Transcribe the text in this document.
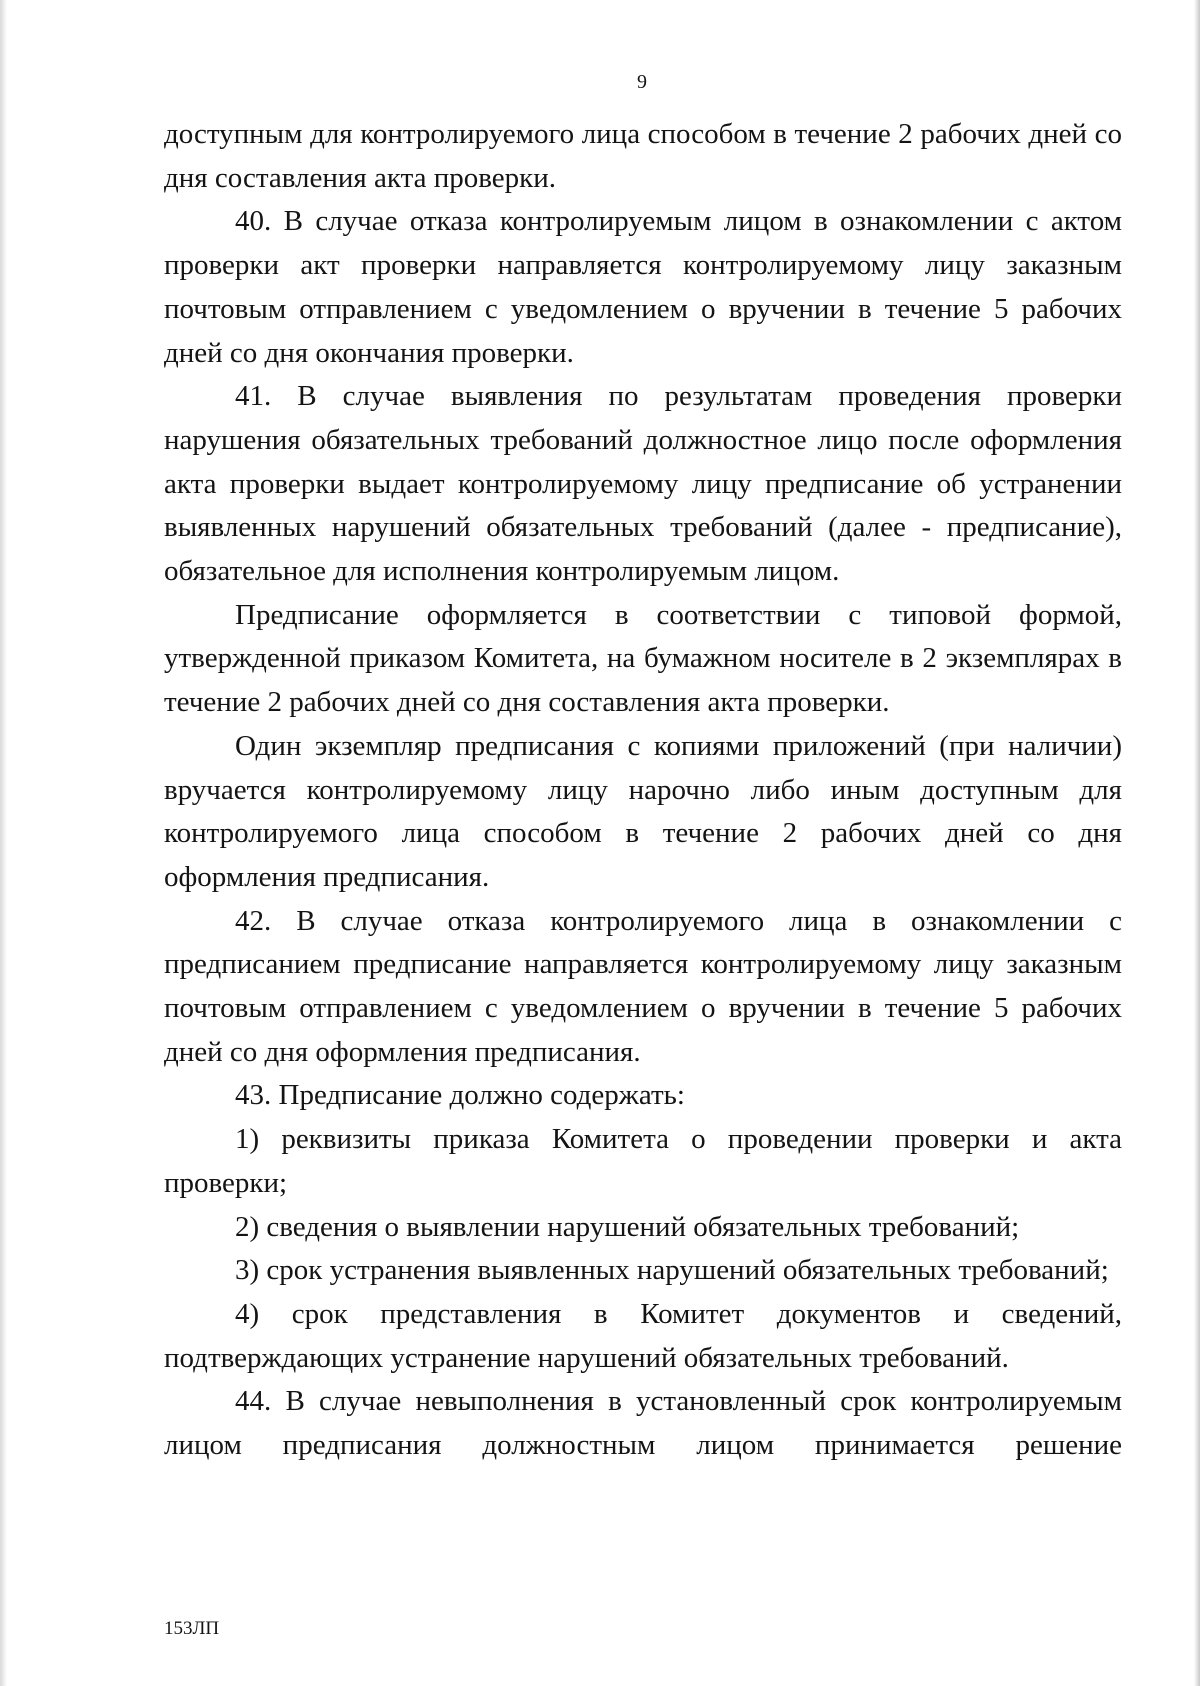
9

доступным для контролируемого лица способом в течение 2 рабочих дней со дня составления акта проверки.

40. В случае отказа контролируемым лицом в ознакомлении с актом проверки акт проверки направляется контролируемому лицу заказным почтовым отправлением с уведомлением о вручении в течение 5 рабочих дней со дня окончания проверки.

41. В случае выявления по результатам проведения проверки нарушения обязательных требований должностное лицо после оформления акта проверки выдает контролируемому лицу предписание об устранении выявленных нарушений обязательных требований (далее - предписание), обязательное для исполнения контролируемым лицом.

Предписание оформляется в соответствии с типовой формой, утвержденной приказом Комитета, на бумажном носителе в 2 экземплярах в течение 2 рабочих дней со дня составления акта проверки.

Один экземпляр предписания с копиями приложений (при наличии) вручается контролируемому лицу нарочно либо иным доступным для контролируемого лица способом в течение 2 рабочих дней со дня оформления предписания.

42. В случае отказа контролируемого лица в ознакомлении с предписанием предписание направляется контролируемому лицу заказным почтовым отправлением с уведомлением о вручении в течение 5 рабочих дней со дня оформления предписания.

43. Предписание должно содержать:

1) реквизиты приказа Комитета о проведении проверки и акта проверки;

2) сведения о выявлении нарушений обязательных требований;

3) срок устранения выявленных нарушений обязательных требований;

4) срок представления в Комитет документов и сведений, подтверждающих устранение нарушений обязательных требований.

44. В случае невыполнения в установленный срок контролируемым лицом предписания должностным лицом принимается решение

153ЛП
